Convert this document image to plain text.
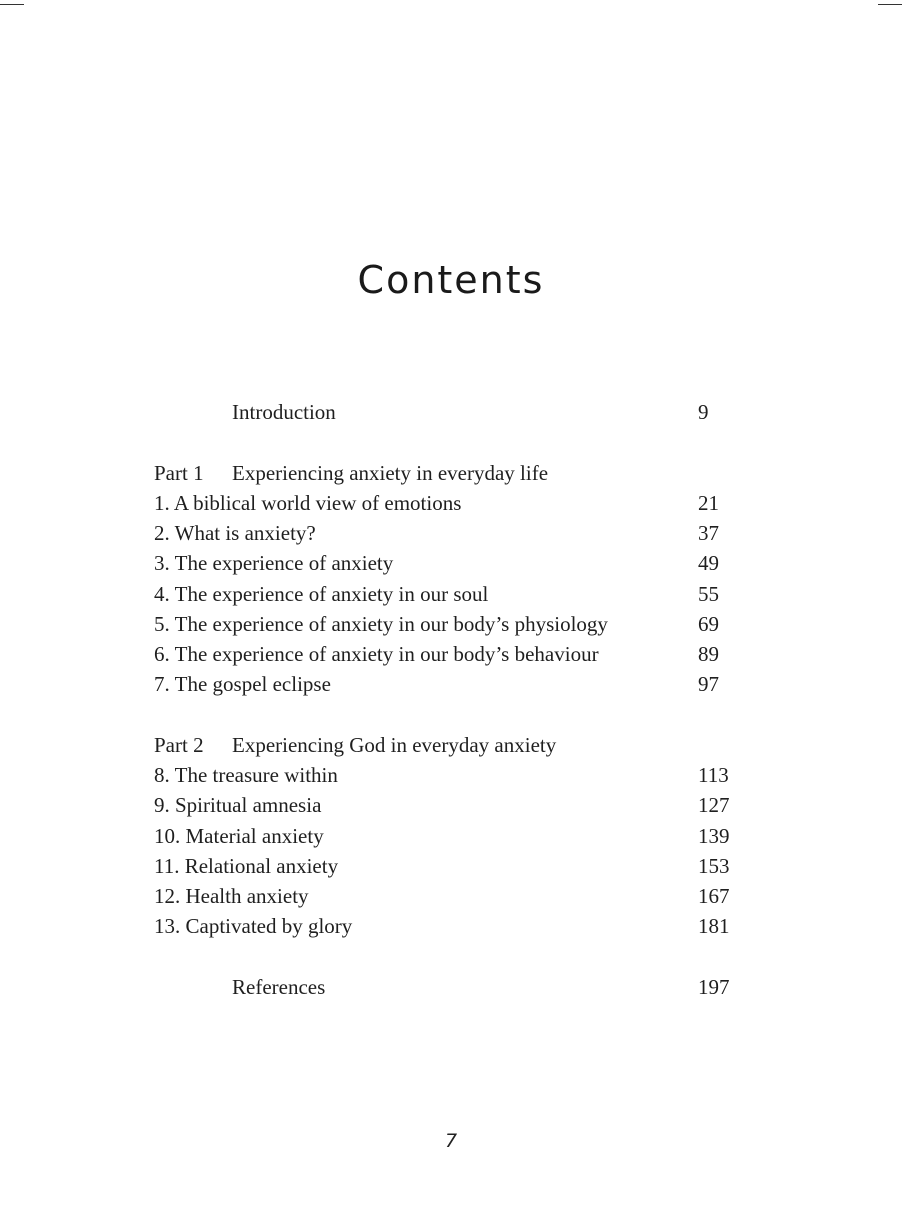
Contents
Introduction	9
Part 1 Experiencing anxiety in everyday life
1. A biblical world view of emotions	21
2. What is anxiety?	37
3. The experience of anxiety	49
4. The experience of anxiety in our soul	55
5. The experience of anxiety in our body’s physiology	69
6. The experience of anxiety in our body’s behaviour	89
7. The gospel eclipse	97
Part 2 Experiencing God in everyday anxiety
8. The treasure within	113
9. Spiritual amnesia	127
10. Material anxiety	139
11. Relational anxiety	153
12. Health anxiety	167
13. Captivated by glory	181
References	197
7
